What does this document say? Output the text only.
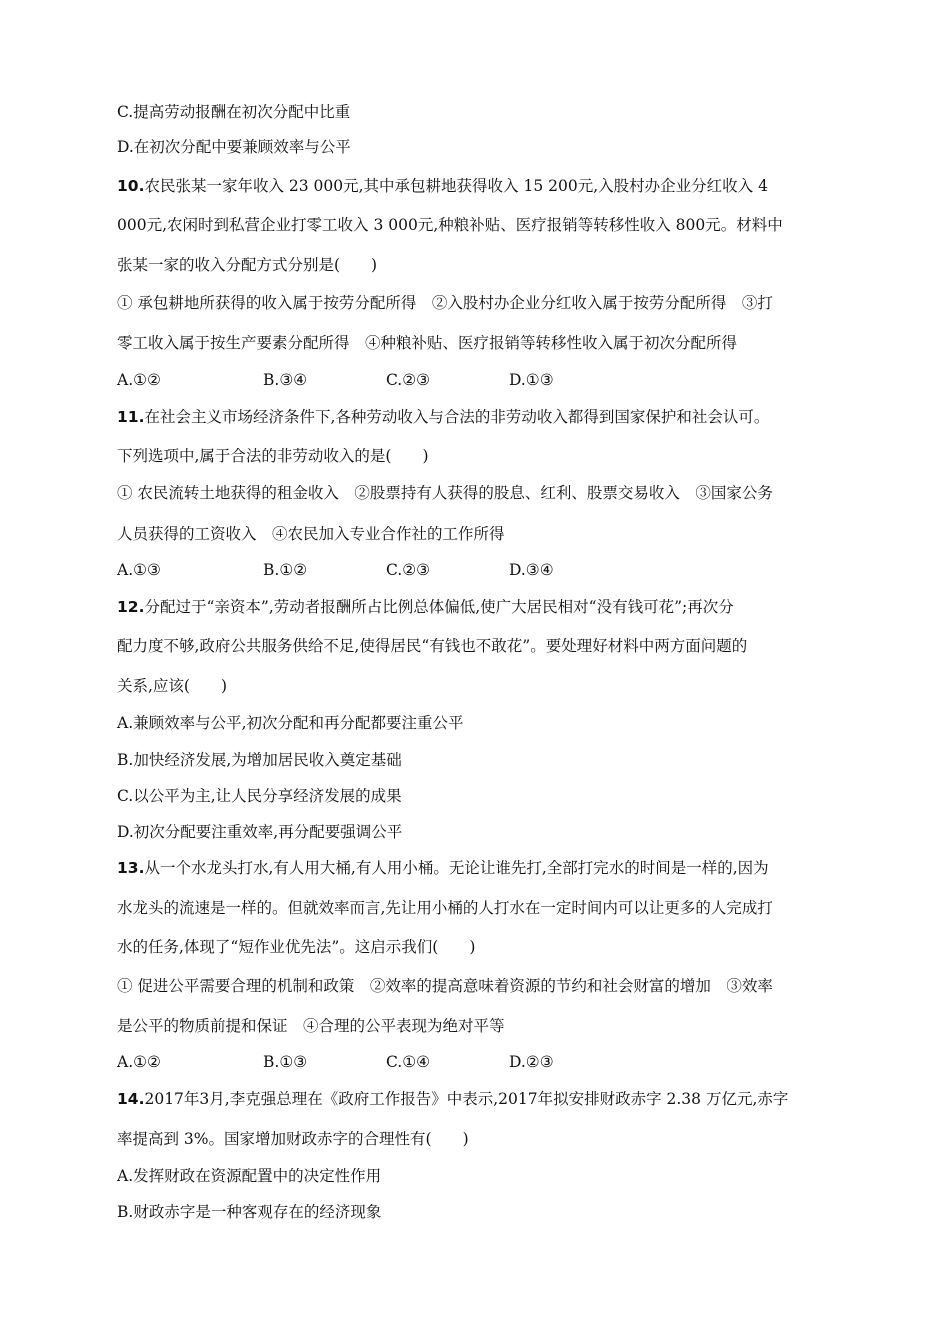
C.提高劳动报酬在初次分配中比重
D.在初次分配中要兼顾效率与公平
10.农民张某一家年收入 23 000元,其中承包耕地获得收入 15 200元,入股村办企业分红收入 4
000元,农闲时到私营企业打零工收入 3 000元,种粮补贴、医疗报销等转移性收入 800元。材料中
张某一家的收入分配方式分别是(　　)
① 承包耕地所获得的收入属于按劳分配所得　②入股村办企业分红收入属于按劳分配所得　③打
零工收入属于按生产要素分配所得　④种粮补贴、医疗报销等转移性收入属于初次分配所得
A.①②	B.③④	C.②③	D.①③
11.在社会主义市场经济条件下,各种劳动收入与合法的非劳动收入都得到国家保护和社会认可。
下列选项中,属于合法的非劳动收入的是(　　)
① 农民流转土地获得的租金收入　②股票持有人获得的股息、红利、股票交易收入　③国家公务
人员获得的工资收入　④农民加入专业合作社的工作所得
A.①③	B.①②	C.②③	D.③④
12.分配过于“亲资本”,劳动者报酬所占比例总体偏低,使广大居民相对“没有钱可花”;再次分
配力度不够,政府公共服务供给不足,使得居民“有钱也不敢花”。要处理好材料中两方面问题的
关系,应该(　　)
A.兼顾效率与公平,初次分配和再分配都要注重公平
B.加快经济发展,为增加居民收入奠定基础
C.以公平为主,让人民分享经济发展的成果
D.初次分配要注重效率,再分配要强调公平
13.从一个水龙头打水,有人用大桶,有人用小桶。无论让谁先打,全部打完水的时间是一样的,因为
水龙头的流速是一样的。但就效率而言,先让用小桶的人打水在一定时间内可以让更多的人完成打
水的任务,体现了“短作业优先法”。这启示我们(　　)
① 促进公平需要合理的机制和政策　②效率的提高意味着资源的节约和社会财富的增加　③效率
是公平的物质前提和保证　④合理的公平表现为绝对平等
A.①②	B.①③	C.①④	D.②③
14.2017年3月,李克强总理在《政府工作报告》中表示,2017年拟安排财政赤字 2.38 万亿元,赤字
率提高到 3%。国家增加财政赤字的合理性有(　　)
A.发挥财政在资源配置中的决定性作用
B.财政赤字是一种客观存在的经济现象
